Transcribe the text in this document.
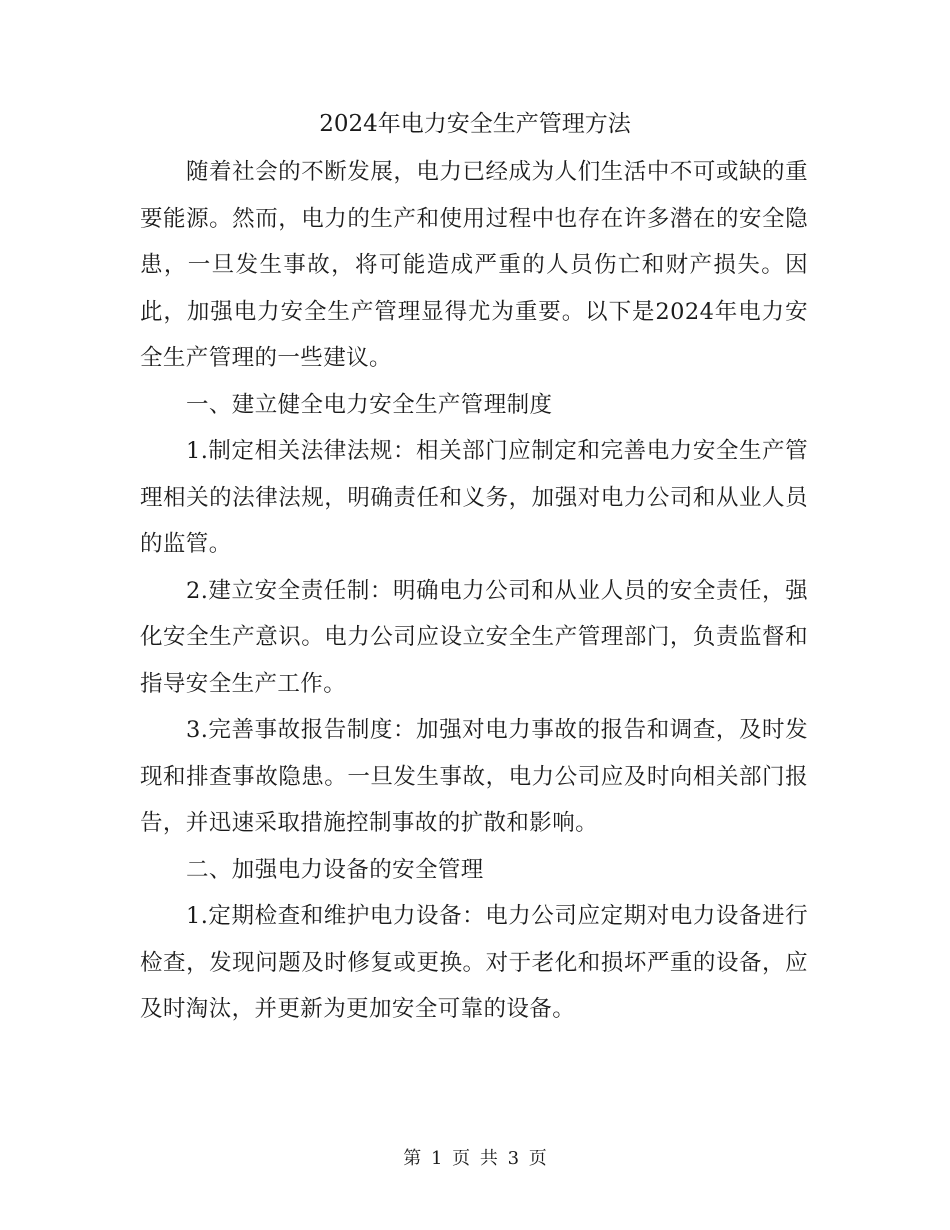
2024年电力安全生产管理方法

随着社会的不断发展，电力已经成为人们生活中不可或缺的重要能源。然而，电力的生产和使用过程中也存在许多潜在的安全隐患，一旦发生事故，将可能造成严重的人员伤亡和财产损失。因此，加强电力安全生产管理显得尤为重要。以下是2024年电力安全生产管理的一些建议。

一、建立健全电力安全生产管理制度

1.制定相关法律法规：相关部门应制定和完善电力安全生产管理相关的法律法规，明确责任和义务，加强对电力公司和从业人员的监管。

2.建立安全责任制：明确电力公司和从业人员的安全责任，强化安全生产意识。电力公司应设立安全生产管理部门，负责监督和指导安全生产工作。

3.完善事故报告制度：加强对电力事故的报告和调查，及时发现和排查事故隐患。一旦发生事故，电力公司应及时向相关部门报告，并迅速采取措施控制事故的扩散和影响。

二、加强电力设备的安全管理

1.定期检查和维护电力设备：电力公司应定期对电力设备进行检查，发现问题及时修复或更换。对于老化和损坏严重的设备，应及时淘汰，并更新为更加安全可靠的设备。

第 1 页 共 3 页
